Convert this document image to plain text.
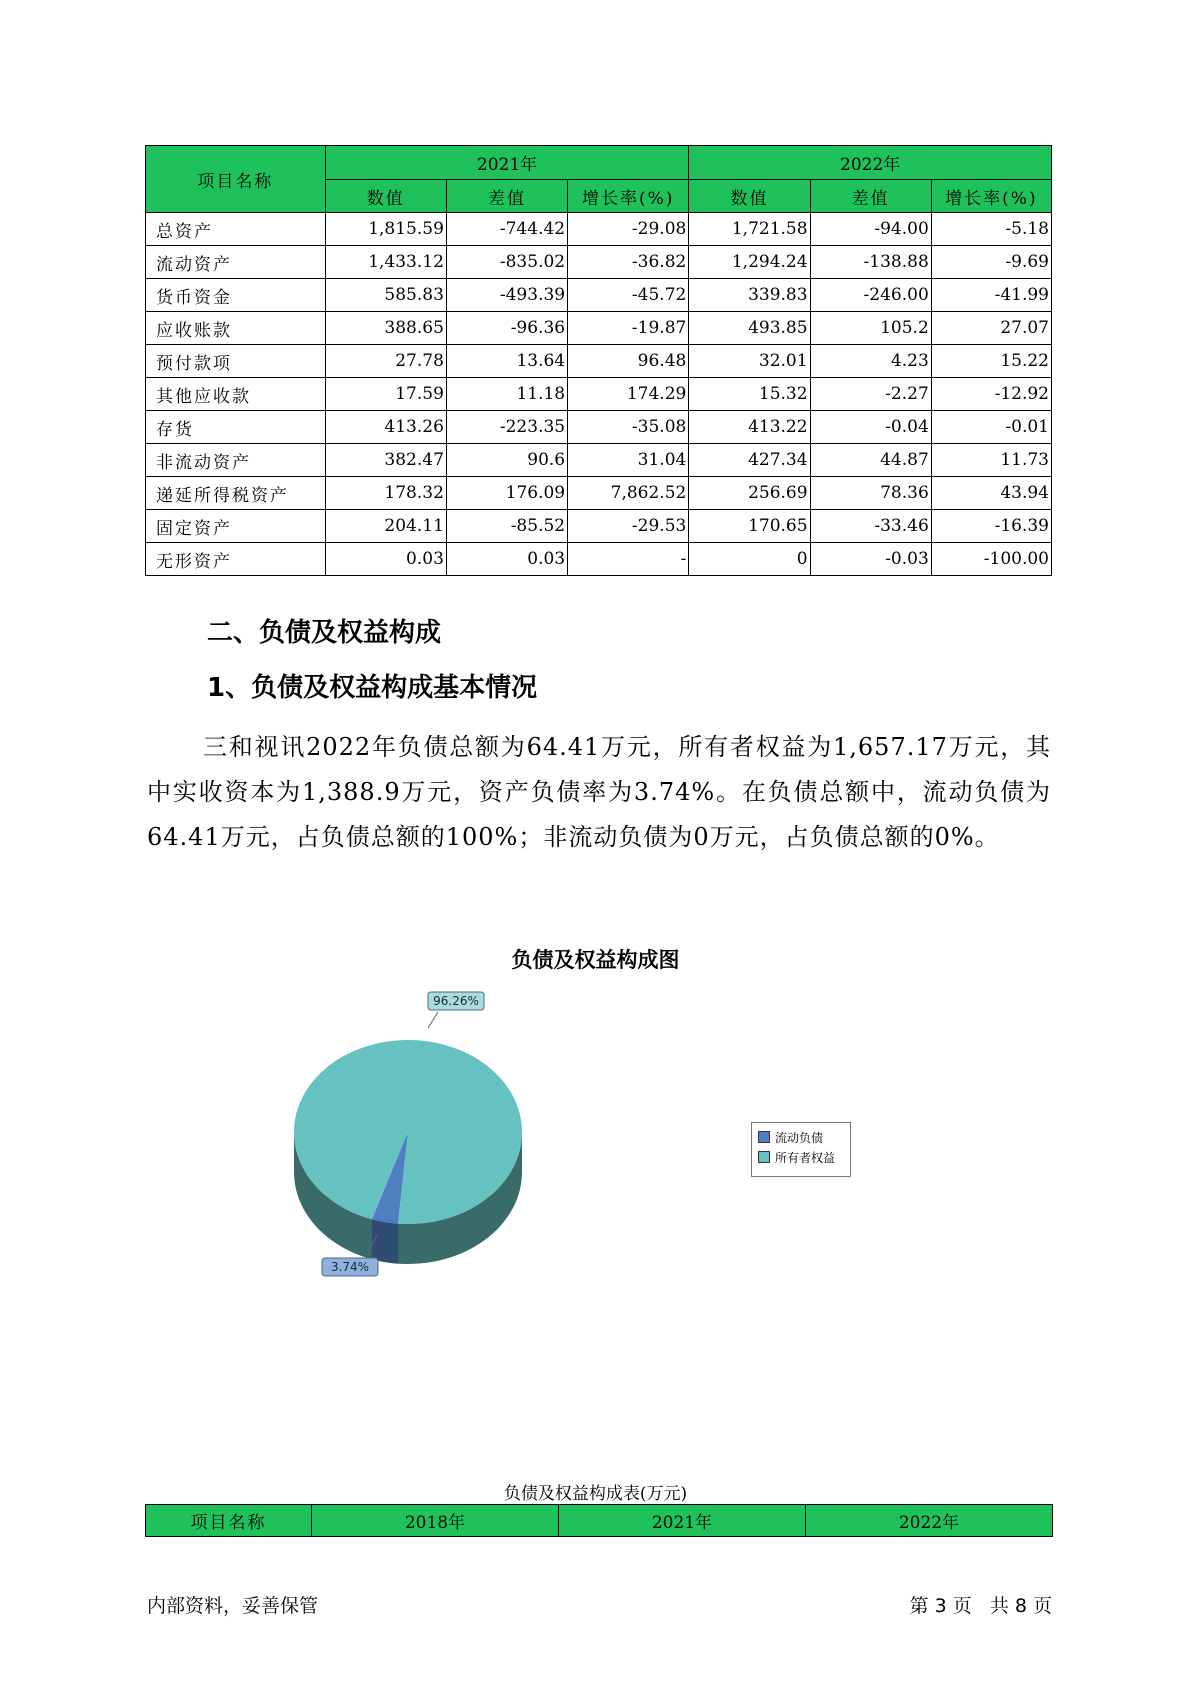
项目名称	2021年			2022年		
	数值	差值	增长率(%)	数值	差值	增长率(%)
总资产	1,815.59	-744.42	-29.08	1,721.58	-94.00	-5.18
流动资产	1,433.12	-835.02	-36.82	1,294.24	-138.88	-9.69
货币资金	585.83	-493.39	-45.72	339.83	-246.00	-41.99
应收账款	388.65	-96.36	-19.87	493.85	105.2	27.07
预付款项	27.78	13.64	96.48	32.01	4.23	15.22
其他应收款	17.59	11.18	174.29	15.32	-2.27	-12.92
存货	413.26	-223.35	-35.08	413.22	-0.04	-0.01
非流动资产	382.47	90.6	31.04	427.34	44.87	11.73
递延所得税资产	178.32	176.09	7,862.52	256.69	78.36	43.94
固定资产	204.11	-85.52	-29.53	170.65	-33.46	-16.39
无形资产	0.03	0.03	-	0	-0.03	-100.00
二、负债及权益构成
1、负债及权益构成基本情况
三和视讯2022年负债总额为64.41万元，所有者权益为1,657.17万元，其中实收资本为1,388.9万元，资产负债率为3.74%。在负债总额中，流动负债为64.41万元，占负债总额的100%；非流动负债为0万元，占负债总额的0%。
负债及权益构成图
3.74%
96.26%
流动负债
所有者权益
负债及权益构成表(万元)
项目名称	2018年	2021年	2022年
内部资料，妥善保管	第 3 页   共 8 页
